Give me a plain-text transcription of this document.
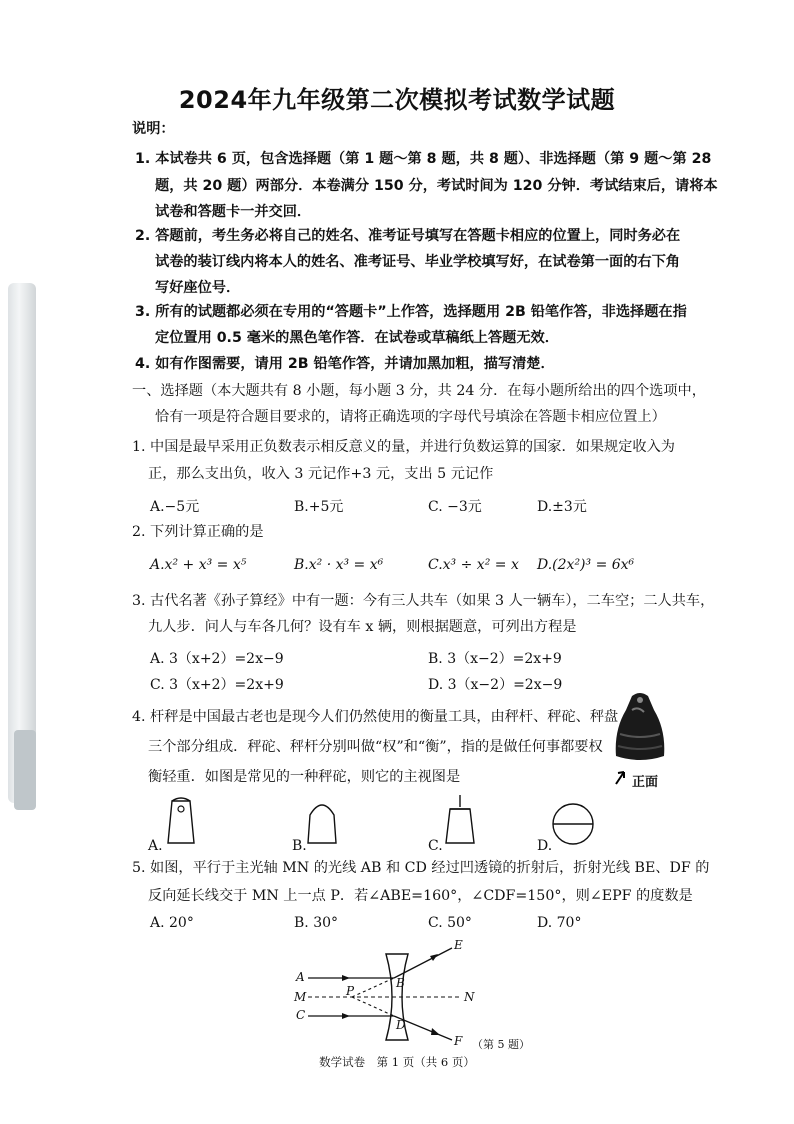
2024年九年级第二次模拟考试数学试题
说明：
1. 本试卷共 6 页，包含选择题（第 1 题～第 8 题，共 8 题）、非选择题（第 9 题～第 28
题，共 20 题）两部分．本卷满分 150 分，考试时间为 120 分钟．考试结束后，请将本
试卷和答题卡一并交回．
2. 答题前，考生务必将自己的姓名、准考证号填写在答题卡相应的位置上，同时务必在
试卷的装订线内将本人的姓名、准考证号、毕业学校填写好，在试卷第一面的右下角
写好座位号．
3. 所有的试题都必须在专用的“答题卡”上作答，选择题用 2B 铅笔作答，非选择题在指
定位置用 0.5 毫米的黑色笔作答．在试卷或草稿纸上答题无效．
4. 如有作图需要，请用 2B 铅笔作答，并请加黑加粗，描写清楚．
一、选择题（本大题共有 8 小题，每小题 3 分，共 24 分．在每小题所给出的四个选项中，
恰有一项是符合题目要求的，请将正确选项的字母代号填涂在答题卡相应位置上）
1. 中国是最早采用正负数表示相反意义的量，并进行负数运算的国家．如果规定收入为
正，那么支出负，收入 3 元记作+3 元，支出 5 元记作
A.−5元	B.+5元	C. −3元	D.±3元
2. 下列计算正确的是
A.x² + x³ = x⁵	B.x² · x³ = x⁶	C.x³ ÷ x² = x D.(2x²)³ = 6x⁶
3. 古代名著《孙子算经》中有一题：今有三人共车（如果 3 人一辆车），二车空；二人共车，
九人步．问人与车各几何？设有车 x 辆，则根据题意，可列出方程是
A. 3（x+2）=2x−9	B. 3（x−2）=2x+9
C. 3（x+2）=2x+9	D. 3（x−2）=2x−9
4. 杆秤是中国最古老也是现今人们仍然使用的衡量工具，由秤杆、秤砣、秤盘
三个部分组成．秤砣、秤杆分别叫做“权”和“衡”，指的是做任何事都要权
衡轻重．如图是常见的一种秤砣，则它的主视图是	正面
A.	B.	C.	D.
5. 如图，平行于主光轴 MN 的光线 AB 和 CD 经过凹透镜的折射后，折射光线 BE、DF 的
反向延长线交于 MN 上一点 P．若∠ABE=160°，∠CDF=150°，则∠EPF 的度数是
A. 20°	B. 30°	C. 50°	D. 70°
A
M
C
P
B
D
N
E
F （第 5 题）
数学试卷　第 1 页（共 6 页）
